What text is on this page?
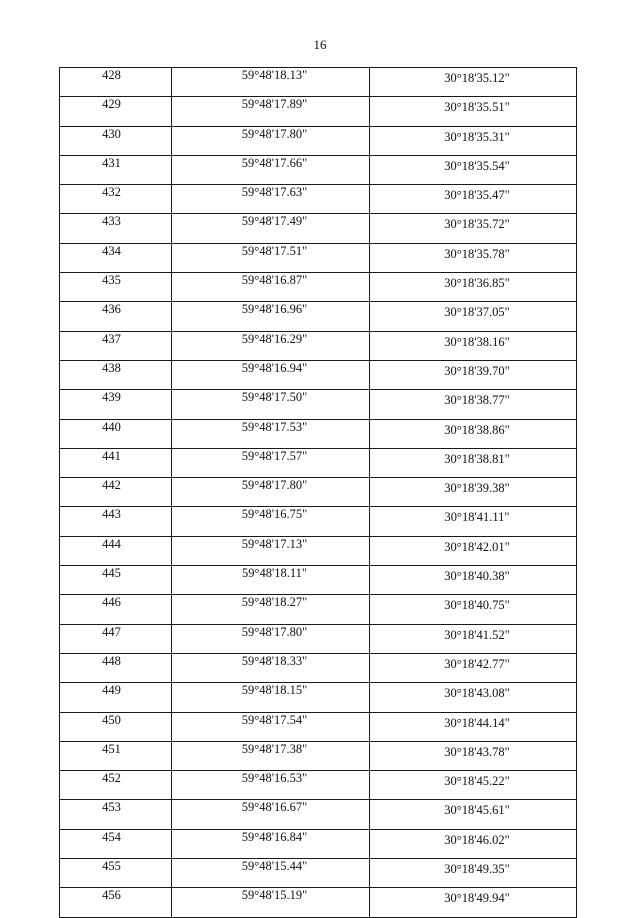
16
428	59°48'18.13"	30°18'35.12"
429	59°48'17.89"	30°18'35.51"
430	59°48'17.80"	30°18'35.31"
431	59°48'17.66"	30°18'35.54"
432	59°48'17.63"	30°18'35.47"
433	59°48'17.49"	30°18'35.72"
434	59°48'17.51"	30°18'35.78"
435	59°48'16.87"	30°18'36.85"
436	59°48'16.96"	30°18'37.05"
437	59°48'16.29"	30°18'38.16"
438	59°48'16.94"	30°18'39.70"
439	59°48'17.50"	30°18'38.77"
440	59°48'17.53"	30°18'38.86"
441	59°48'17.57"	30°18'38.81"
442	59°48'17.80"	30°18'39.38"
443	59°48'16.75"	30°18'41.11"
444	59°48'17.13"	30°18'42.01"
445	59°48'18.11"	30°18'40.38"
446	59°48'18.27"	30°18'40.75"
447	59°48'17.80"	30°18'41.52"
448	59°48'18.33"	30°18'42.77"
449	59°48'18.15"	30°18'43.08"
450	59°48'17.54"	30°18'44.14"
451	59°48'17.38"	30°18'43.78"
452	59°48'16.53"	30°18'45.22"
453	59°48'16.67"	30°18'45.61"
454	59°48'16.84"	30°18'46.02"
455	59°48'15.44"	30°18'49.35"
456	59°48'15.19"	30°18'49.94"
